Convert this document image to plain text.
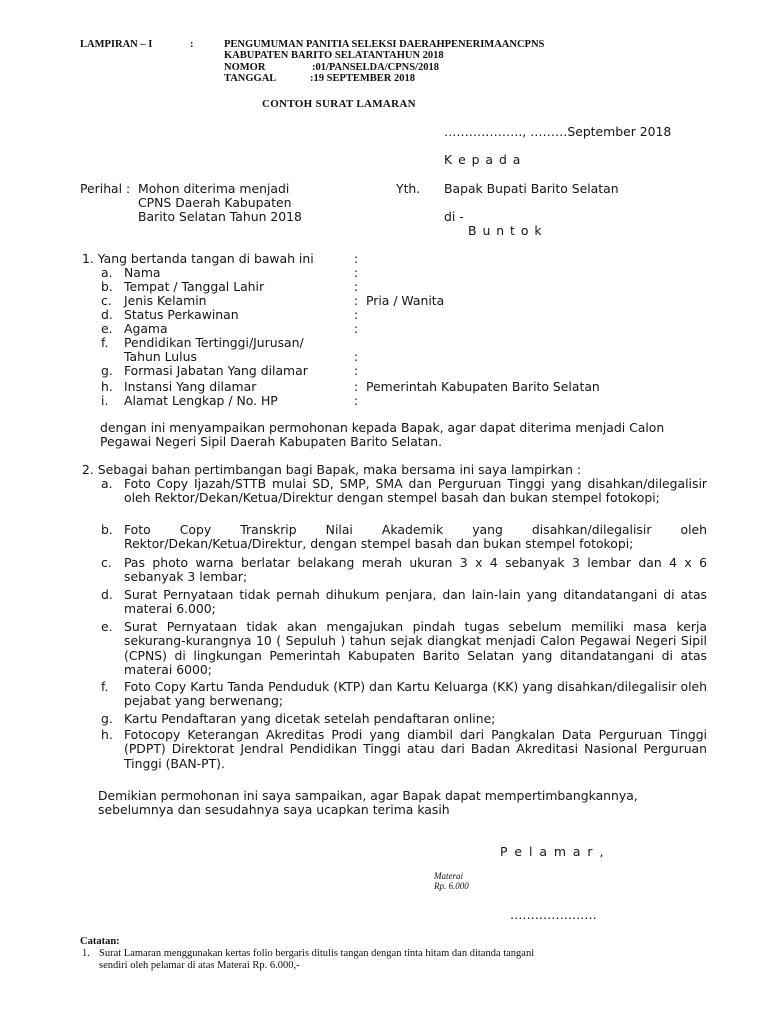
LAMPIRAN – I	:	PENGUMUMAN PANITIA SELEKSI DAERAHPENERIMAANCPNS
KABUPATEN BARITO SELATANTAHUN 2018
NOMOR	:01/PANSELDA/CPNS/2018
TANGGAL	:19 SEPTEMBER 2018
CONTOH SURAT LAMARAN
………………., ………September 2018
K e p a d a
Perihal : Mohon diterima menjadi
CPNS Daerah Kabupaten
Barito Selatan Tahun 2018
Yth. Bapak Bupati Barito Selatan
di -
B u n t o k
1. Yang bertanda tangan di bawah ini	:
a. Nama	:
b. Tempat / Tanggal Lahir	:
c. Jenis Kelamin	: Pria / Wanita
d. Status Perkawinan	:
e. Agama	:
f. Pendidikan Tertinggi/Jurusan/
Tahun Lulus	:
g. Formasi Jabatan Yang dilamar	:
h. Instansi Yang dilamar	: Pemerintah Kabupaten Barito Selatan
i. Alamat Lengkap / No. HP	:
dengan ini menyampaikan permohonan kepada Bapak, agar dapat diterima menjadi Calon
Pegawai Negeri Sipil Daerah Kabupaten Barito Selatan.
2. Sebagai bahan pertimbangan bagi Bapak, maka bersama ini saya lampirkan :
a. Foto Copy Ijazah/STTB mulai SD, SMP, SMA dan Perguruan Tinggi yang disahkan/dilegalisir oleh Rektor/Dekan/Ketua/Direktur dengan stempel basah dan bukan stempel fotokopi;
b. Foto Copy Transkrip Nilai Akademik yang disahkan/dilegalisir oleh Rektor/Dekan/Ketua/Direktur, dengan stempel basah dan bukan stempel fotokopi;
c. Pas photo warna berlatar belakang merah ukuran 3 x 4 sebanyak 3 lembar dan 4 x 6 sebanyak 3 lembar;
d. Surat Pernyataan tidak pernah dihukum penjara, dan lain-lain yang ditandatangani di atas materai 6.000;
e. Surat Pernyataan tidak akan mengajukan pindah tugas sebelum memiliki masa kerja sekurang-kurangnya 10 ( Sepuluh ) tahun sejak diangkat menjadi Calon Pegawai Negeri Sipil (CPNS) di lingkungan Pemerintah Kabupaten Barito Selatan yang ditandatangani di atas materai 6000;
f. Foto Copy Kartu Tanda Penduduk (KTP) dan Kartu Keluarga (KK) yang disahkan/dilegalisir oleh pejabat yang berwenang;
g. Kartu Pendaftaran yang dicetak setelah pendaftaran online;
h. Fotocopy Keterangan Akreditas Prodi yang diambil dari Pangkalan Data Perguruan Tinggi (PDPT) Direktorat Jendral Pendidikan Tinggi atau dari Badan Akreditasi Nasional Perguruan Tinggi (BAN-PT).
Demikian permohonan ini saya sampaikan, agar Bapak dapat mempertimbangkannya,
sebelumnya dan sesudahnya saya ucapkan terima kasih
P e l a m a r ,
Materai
Rp. 6.000
…………………
Catatan:
1. Surat Lamaran menggunakan kertas folio bergaris ditulis tangan dengan tinta hitam dan ditanda tangani
sendiri oleh pelamar di atas Materai Rp. 6.000,-
